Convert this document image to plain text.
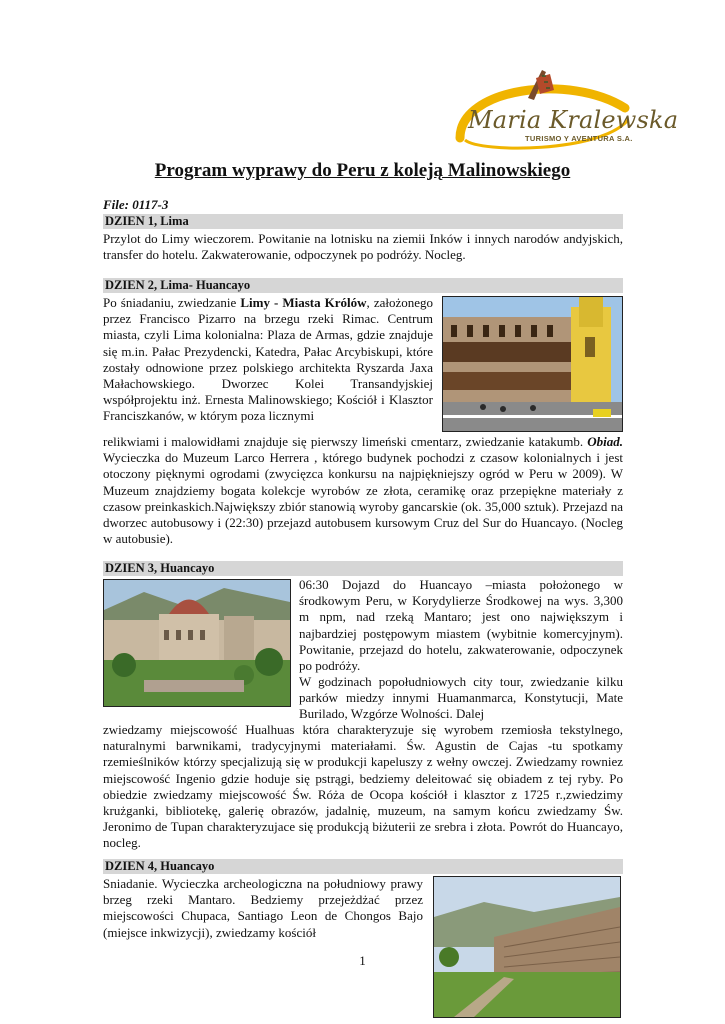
Maria Kralewska
TURISMO Y AVENTURA S.A.
Program wyprawy do Peru z koleją Malinowskiego
File: 0117-3
DZIEN 1, Lima

Przylot do Limy wieczorem. Powitanie na lotnisku na ziemii Inków i innych narodów andyjskich, transfer do hotelu. Zakwaterowanie, odpoczynek po podróży. Nocleg.

DZIEN 2, Lima- Huancayo

Po śniadaniu, zwiedzanie Limy - Miasta Królów, założonego przez Francisco Pizarro na brzegu rzeki Rimac. Centrum miasta, czyli Lima kolonialna: Plaza de Armas, gdzie znajduje się m.in. Pałac Prezydencki, Katedra, Pałac Arcybiskupi, które zostały odnowione przez polskiego architekta Ryszarda Jaxa Małachowskiego. Dworzec Kolei Transandyjskiej współprojektu inż. Ernesta Malinowskiego; Kościół i Klasztor Franciszkanów, w którym poza licznymi

relikwiami i malowidłami znajduje się pierwszy limeński cmentarz, zwiedzanie katakumb. Obiad. Wycieczka do Muzeum Larco Herrera , którego budynek pochodzi z czasow kolonialnych i jest otoczony pięknymi ogrodami (zwycięzca konkursu na najpiękniejszy ogród w Peru w 2009). W Muzeum znajdziemy bogata kolekcje wyrobów ze złota, ceramikę oraz przepiękne materiały z czasow preinkaskich.Największy zbiór stanowią wyroby gancarskie (ok. 35,000 sztuk). Przejazd na dworzec autobusowy i (22:30) przejazd autobusem kursowym Cruz del Sur do Huancayo. (Nocleg w autobusie).

DZIEN 3, Huancayo

06:30 Dojazd do Huancayo –miasta położonego w środkowym Peru, w Korydylierze Środkowej na wys. 3,300 m npm, nad rzeką Mantaro; jest ono największym i najbardziej postępowym miastem (wybitnie komercyjnym). Powitanie, przejazd do hotelu, zakwaterowanie, odpoczynek po podróży.

W godzinach popołudniowych city tour, zwiedzanie kilku parków miedzy innymi Huamanmarca, Konstytucji, Mate Burilado, Wzgórze Wolności. Dalej

zwiedzamy miejscowość Hualhuas która charakteryzuje się wyrobem rzemiosła tekstylnego, naturalnymi barwnikami, tradycyjnymi materiałami. Św. Agustin de Cajas -tu spotkamy rzemieślników którzy specjalizują się w produkcji kapeluszy z wełny owczej. Zwiedzamy rowniez miejscowość Ingenio gdzie hoduje się pstrągi, bedziemy deleitować się obiadem z tej ryby. Po obiedzie zwiedzamy miejscowość Św. Róża de Ocopa kościół i klasztor z 1725 r.,zwiedzimy krużganki, bibliotekę, galerię obrazów, jadalnię, muzeum, na samym końcu zwiedzamy Św. Jeronimo de Tupan charakteryzujace się produkcją biżuterii ze srebra i złota. Powrót do Huancayo, nocleg.

DZIEN 4, Huancayo

Sniadanie. Wycieczka archeologiczna na południowy prawy brzeg rzeki Mantaro. Bedziemy przejeżdżać przez miejscowości Chupaca, Santiago Leon de Chongos Bajo (miejsce inkwizycji), zwiedzamy kościół

1
